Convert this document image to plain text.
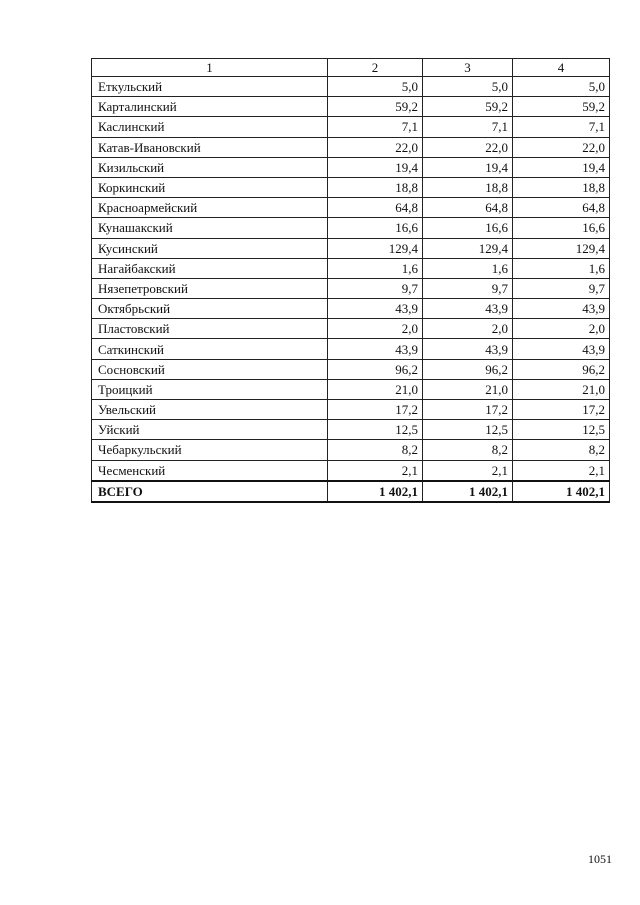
1	2	3	4
Еткульский	5,0	5,0	5,0
Карталинский	59,2	59,2	59,2
Каслинский	7,1	7,1	7,1
Катав-Ивановский	22,0	22,0	22,0
Кизильский	19,4	19,4	19,4
Коркинский	18,8	18,8	18,8
Красноармейский	64,8	64,8	64,8
Кунашакский	16,6	16,6	16,6
Кусинский	129,4	129,4	129,4
Нагайбакский	1,6	1,6	1,6
Нязепетровский	9,7	9,7	9,7
Октябрьский	43,9	43,9	43,9
Пластовский	2,0	2,0	2,0
Саткинский	43,9	43,9	43,9
Сосновский	96,2	96,2	96,2
Троицкий	21,0	21,0	21,0
Увельский	17,2	17,2	17,2
Уйский	12,5	12,5	12,5
Чебаркульский	8,2	8,2	8,2
Чесменский	2,1	2,1	2,1
ВСЕГО	1 402,1	1 402,1	1 402,1
1051
